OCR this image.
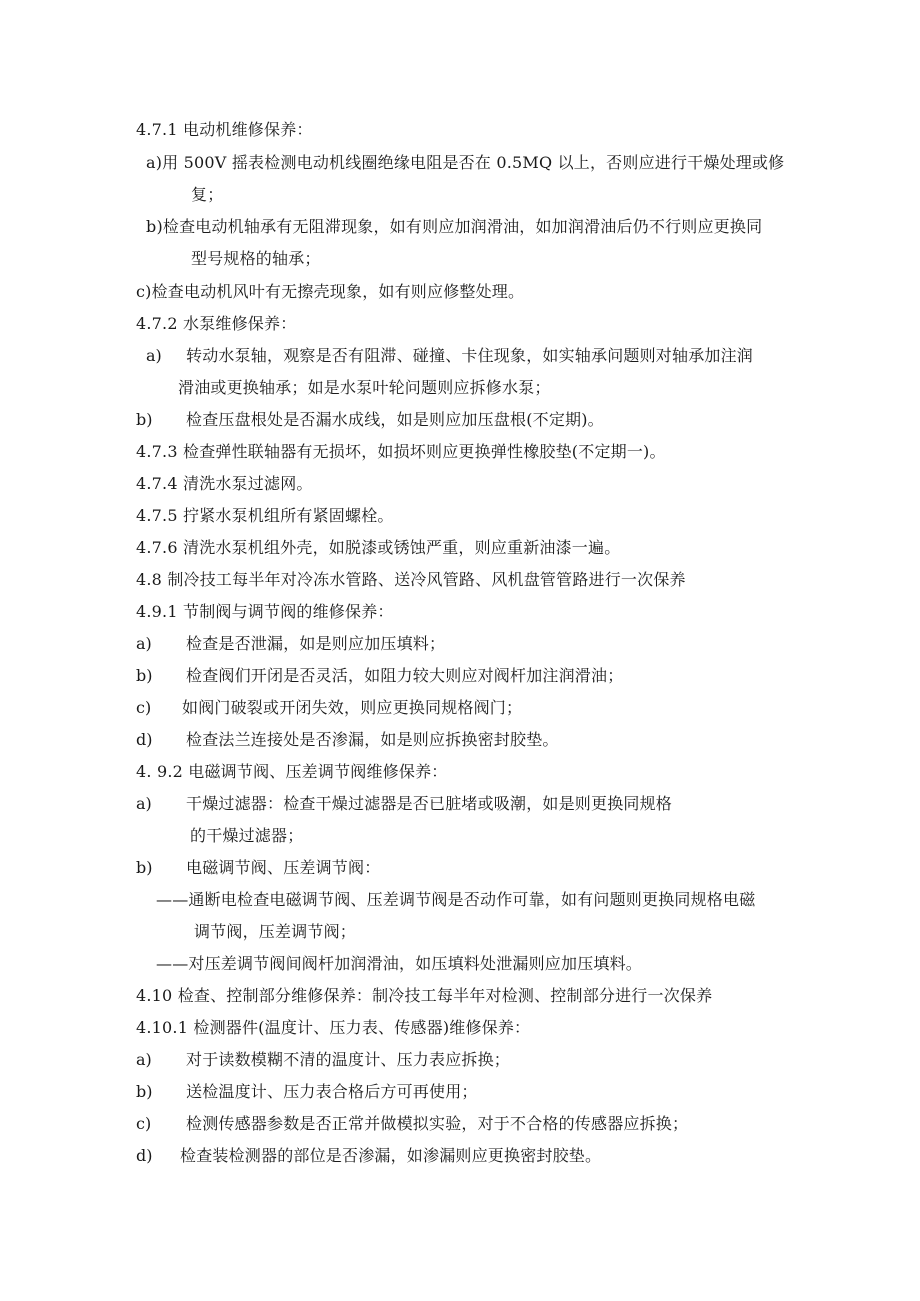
4.7.1 电动机维修保养：
a)用 500V 摇表检测电动机线圈绝缘电阻是否在 0.5MQ 以上，否则应进行干燥处理或修
复；
b)检查电动机轴承有无阻滞现象，如有则应加润滑油，如加润滑油后仍不行则应更换同
型号规格的轴承；
c)检查电动机风叶有无擦壳现象，如有则应修整处理。
4.7.2 水泵维修保养：
a) 转动水泵轴，观察是否有阻滞、碰撞、卡住现象，如实轴承问题则对轴承加注润
滑油或更换轴承；如是水泵叶轮问题则应拆修水泵；
b) 检查压盘根处是否漏水成线，如是则应加压盘根(不定期)。
4.7.3 检查弹性联轴器有无损坏，如损坏则应更换弹性橡胶垫(不定期一)。
4.7.4 清洗水泵过滤网。
4.7.5 拧紧水泵机组所有紧固螺栓。
4.7.6 清洗水泵机组外壳，如脱漆或锈蚀严重，则应重新油漆一遍。
4.8 制冷技工每半年对冷冻水管路、送冷风管路、风机盘管管路进行一次保养
4.9.1 节制阀与调节阀的维修保养：
a) 检查是否泄漏，如是则应加压填料；
b) 检查阀们开闭是否灵活，如阻力较大则应对阀杆加注润滑油；
c) 如阀门破裂或开闭失效，则应更换同规格阀门；
d) 检查法兰连接处是否渗漏，如是则应拆换密封胶垫。
4. 9.2 电磁调节阀、压差调节阀维修保养：
a) 干燥过滤器：检查干燥过滤器是否已脏堵或吸潮，如是则更换同规格
的干燥过滤器；
b) 电磁调节阀、压差调节阀：
——通断电检查电磁调节阀、压差调节阀是否动作可靠，如有问题则更换同规格电磁
调节阀，压差调节阀；
——对压差调节阀间阀杆加润滑油，如压填料处泄漏则应加压填料。
4.10 检查、控制部分维修保养：制冷技工每半年对检测、控制部分进行一次保养
4.10.1 检测器件(温度计、压力表、传感器)维修保养：
a) 对于读数模糊不清的温度计、压力表应拆换；
b) 送检温度计、压力表合格后方可再使用；
c) 检测传感器参数是否正常并做模拟实验，对于不合格的传感器应拆换；
d) 检查装检测器的部位是否渗漏，如渗漏则应更换密封胶垫。
